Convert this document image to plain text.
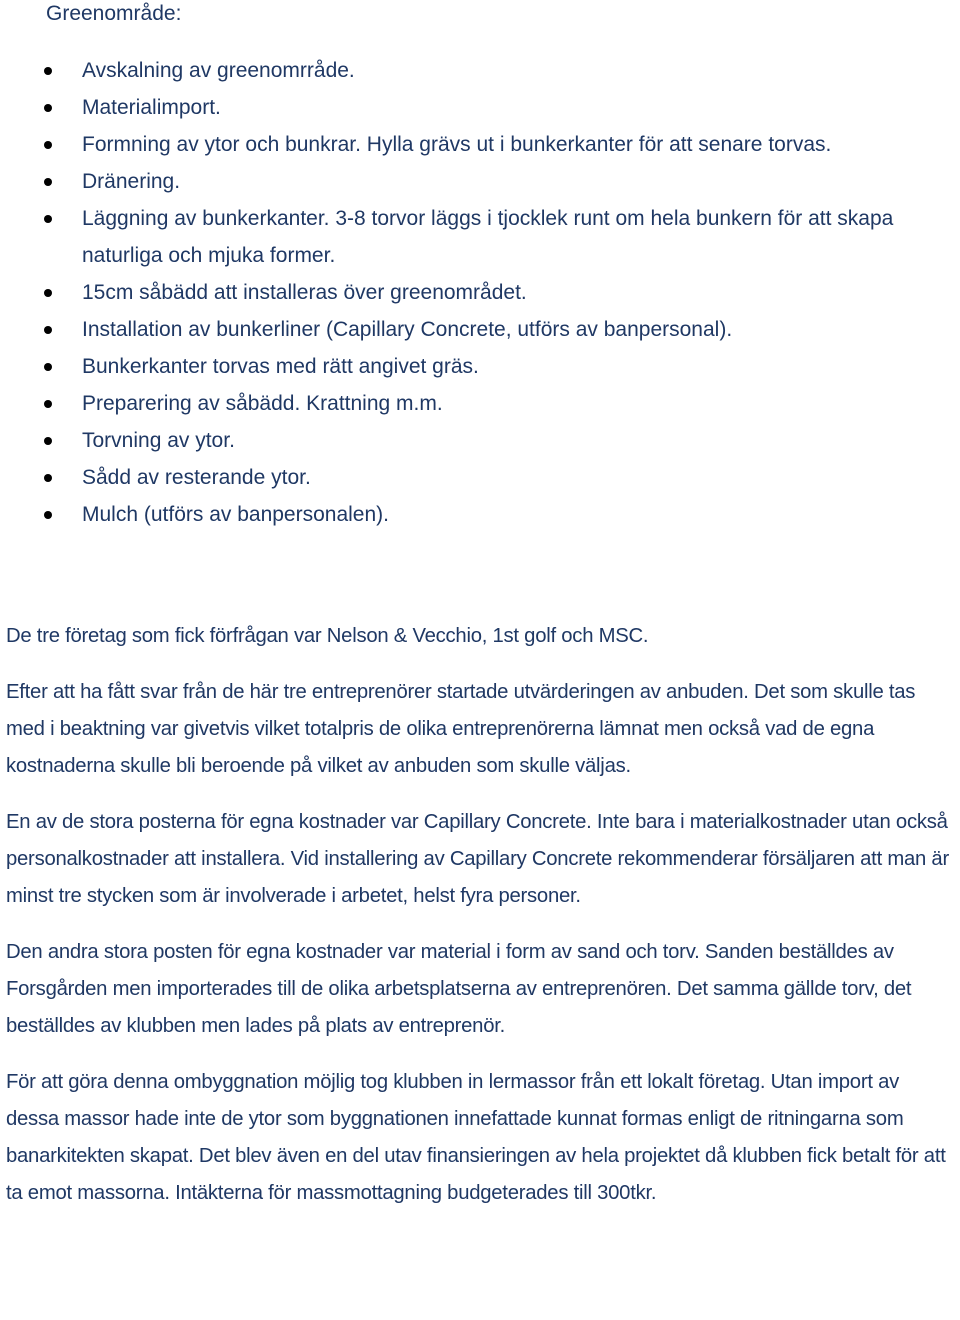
Greenområde:
Avskalning av greenomrråde.
Materialimport.
Formning av ytor och bunkrar. Hylla grävs ut i bunkerkanter för att senare torvas.
Dränering.
Läggning av bunkerkanter. 3-8 torvor läggs i tjocklek runt om hela bunkern för att skapa naturliga och mjuka former.
15cm såbädd att installeras över greenområdet.
Installation av bunkerliner (Capillary Concrete, utförs av banpersonal).
Bunkerkanter torvas med rätt angivet gräs.
Preparering av såbädd. Krattning m.m.
Torvning av ytor.
Sådd av resterande ytor.
Mulch (utförs av banpersonalen).

De tre företag som fick förfrågan var Nelson & Vecchio, 1st golf och MSC.

Efter att ha fått svar från de här tre entreprenörer startade utvärderingen av anbuden. Det som skulle tas med i beaktning var givetvis vilket totalpris de olika entreprenörerna lämnat men också vad de egna kostnaderna skulle bli beroende på vilket av anbuden som skulle väljas.

En av de stora posterna för egna kostnader var Capillary Concrete. Inte bara i materialkostnader utan också personalkostnader att installera. Vid installering av Capillary Concrete rekommenderar försäljaren att man är minst tre stycken som är involverade i arbetet, helst fyra personer.

Den andra stora posten för egna kostnader var material i form av sand och torv. Sanden beställdes av Forsgården men importerades till de olika arbetsplatserna av entreprenören. Det samma gällde torv, det beställdes av klubben men lades på plats av entreprenör.

För att göra denna ombyggnation möjlig tog klubben in lermassor från ett lokalt företag. Utan import av dessa massor hade inte de ytor som byggnationen innefattade kunnat formas enligt de ritningarna som banarkitekten skapat. Det blev även en del utav finansieringen av hela projektet då klubben fick betalt för att ta emot massorna. Intäkterna för massmottagning budgeterades till 300tkr.
